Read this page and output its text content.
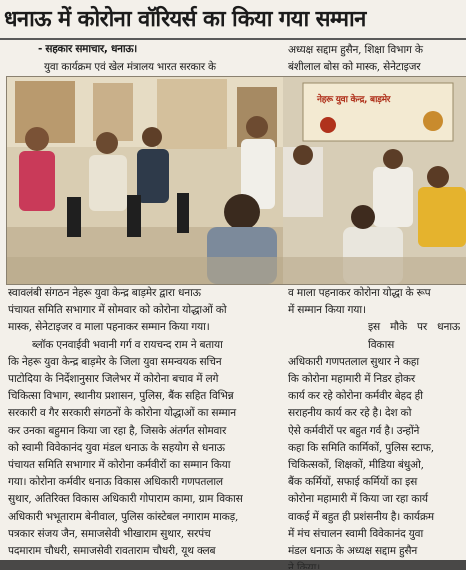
धनाऊ में कोरोना वॉरियर्स का किया गया सम्मान
- सहकार समाचार, धनाऊ।
युवा कार्यक्रम एवं खेल मंत्रालय भारत सरकार के
अध्यक्ष सद्दाम हुसैन, शिक्षा विभाग के
बंशीलाल बोस को मास्क, सेनेटाइजर
नेहरू युवा केन्द्र, बाड़मेर
स्वावलंबी संगठन नेहरू युवा केन्द्र बाड़मेर द्वारा धनाऊ
पंचायत समिति सभागार में सोमवार को कोरोना योद्धाओं को
मास्क, सेनेटाइजर व माला पहनाकर सम्मान किया गया।
ब्लॉक एनवाईवी भवानी गर्ग व रायचन्द राम ने बताया
कि नेहरू युवा केन्द्र बाड़मेर के जिला युवा समन्वयक सचिन
पाटोदिया के निर्देशानुसार जिलेभर में कोरोना बचाव में लगे
चिकित्सा विभाग, स्थानीय प्रशासन, पुलिस, बैंक सहित विभिन्न
सरकारी व गैर सरकारी संगठनों के कोरोना योद्धाओं का सम्मान
कर उनका बहुमान किया जा रहा है, जिसके अंतर्गत सोमवार
को स्वामी विवेकानंद युवा मंडल धनाऊ के सहयोग से धनाऊ
पंचायत समिति सभागार में कोरोना कर्मवीरों का सम्मान किया
गया। कोरोना कर्मवीर धनाऊ विकास अधिकारी गणपतलाल
सुथार, अतिरिक्त विकास अधिकारी गोपाराम कामा, ग्राम विकास
अधिकारी भभूताराम बेनीवाल, पुलिस कांस्टेबल नगाराम माकड़,
पत्रकार संजय जैन, समाजसेवी भीखाराम सुथार, सरपंच
पदमाराम चौधरी, समाजसेवी रावताराम चौधरी, यूथ क्लब
व माला पहनाकर कोरोना योद्धा के रूप
में सम्मान किया गया।
इस मौके पर धनाऊ विकास
अधिकारी गणपतलाल सुथार ने कहा
कि कोरोना महामारी में निडर होकर
कार्य कर रहे कोरोना कर्मवीर बेहद ही
सराहनीय कार्य कर रहे है। देश को
ऐसे कर्मवीरों पर बहुत गर्व है। उन्होंने
कहा कि समिति कार्मिकों, पुलिस स्टाफ,
चिकित्सकों, शिक्षकों, मीडिया बंधुओ,
बैंक कर्मियों, सफाई कर्मियों का इस
कोरोना महामारी में किया जा रहा कार्य
वाकई में बहुत ही प्रशंसनीय है। कार्यक्रम
में मंच संचालन स्वामी विवेकानंद युवा
मंडल धनाऊ के अध्यक्ष सद्दाम हुसैन
